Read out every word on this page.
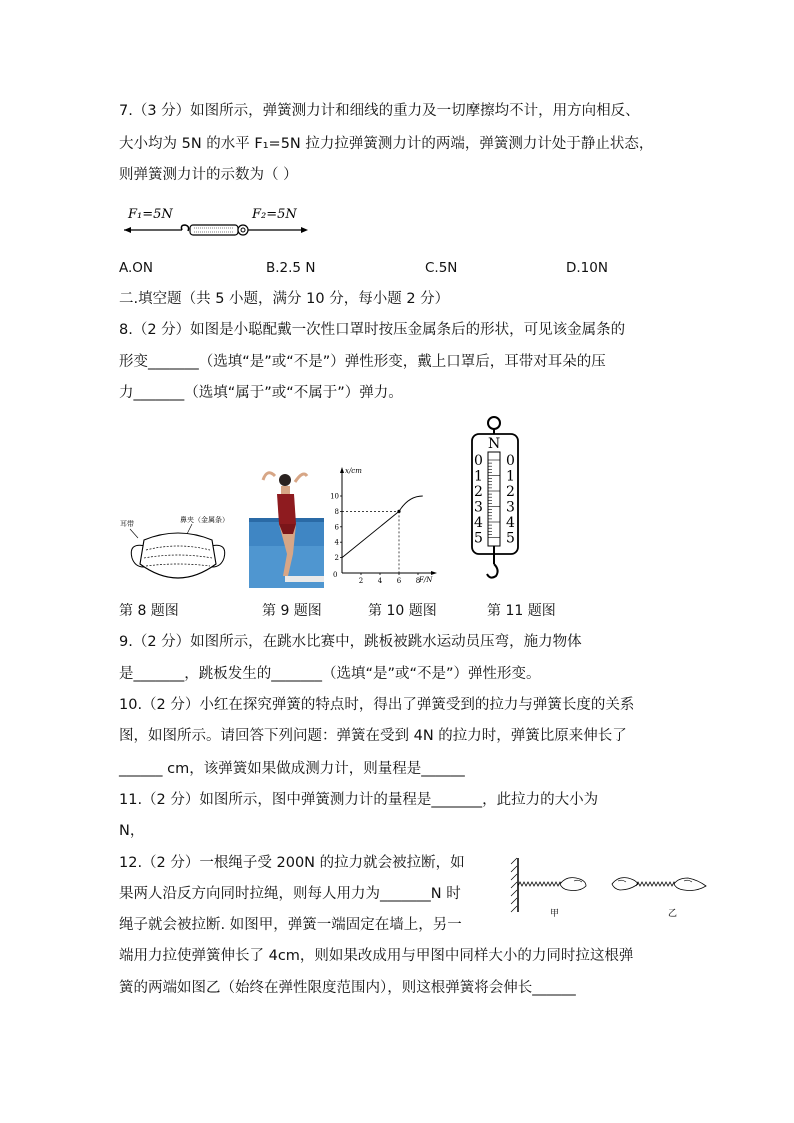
7.（3 分）如图所示，弹簧测力计和细线的重力及一切摩擦均不计，用方向相反、
大小均为 5N 的水平 F₁=5N 拉力拉弹簧测力计的两端，弹簧测力计处于静止状态，
则弹簧测力计的示数为（ ）
F₁=5N	F₂=5N
A.ON	B.2.5 N	C.5N	D.10N
二.填空题（共 5 小题，满分 10 分，每小题 2 分）
8.（2 分）如图是小聪配戴一次性口罩时按压金属条后的形状，可见该金属条的
形变_______（选填“是”或“不是”）弹性形变，戴上口罩后，耳带对耳朵的压
力_______（选填“属于”或“不属于”）弹力。
耳带	鼻夹（金属条）
x/cm
F/N
0
2
4
6
8
10
2 4 6 8
N
0
1
2
3
4
5
0
1
2
3
4
5
第 8 题图	第 9 题图	第 10 题图	第 11 题图
9.（2 分）如图所示，在跳水比赛中，跳板被跳水运动员压弯，施力物体
是_______，跳板发生的_______（选填“是”或“不是”）弹性形变。
10.（2 分）小红在探究弹簧的特点时，得出了弹簧受到的拉力与弹簧长度的关系
图，如图所示。请回答下列问题：弹簧在受到 4N 的拉力时，弹簧比原来伸长了
______ cm，该弹簧如果做成测力计，则量程是______
11.（2 分）如图所示，图中弹簧测力计的量程是_______，此拉力的大小为
N，
12.（2 分）一根绳子受 200N 的拉力就会被拉断，如
果两人沿反方向同时拉绳，则每人用力为_______N 时
绳子就会被拉断. 如图甲，弹簧一端固定在墙上，另一
端用力拉使弹簧伸长了 4cm，则如果改成用与甲图中同样大小的力同时拉这根弹
簧的两端如图乙（始终在弹性限度范围内），则这根弹簧将会伸长______
甲	乙
